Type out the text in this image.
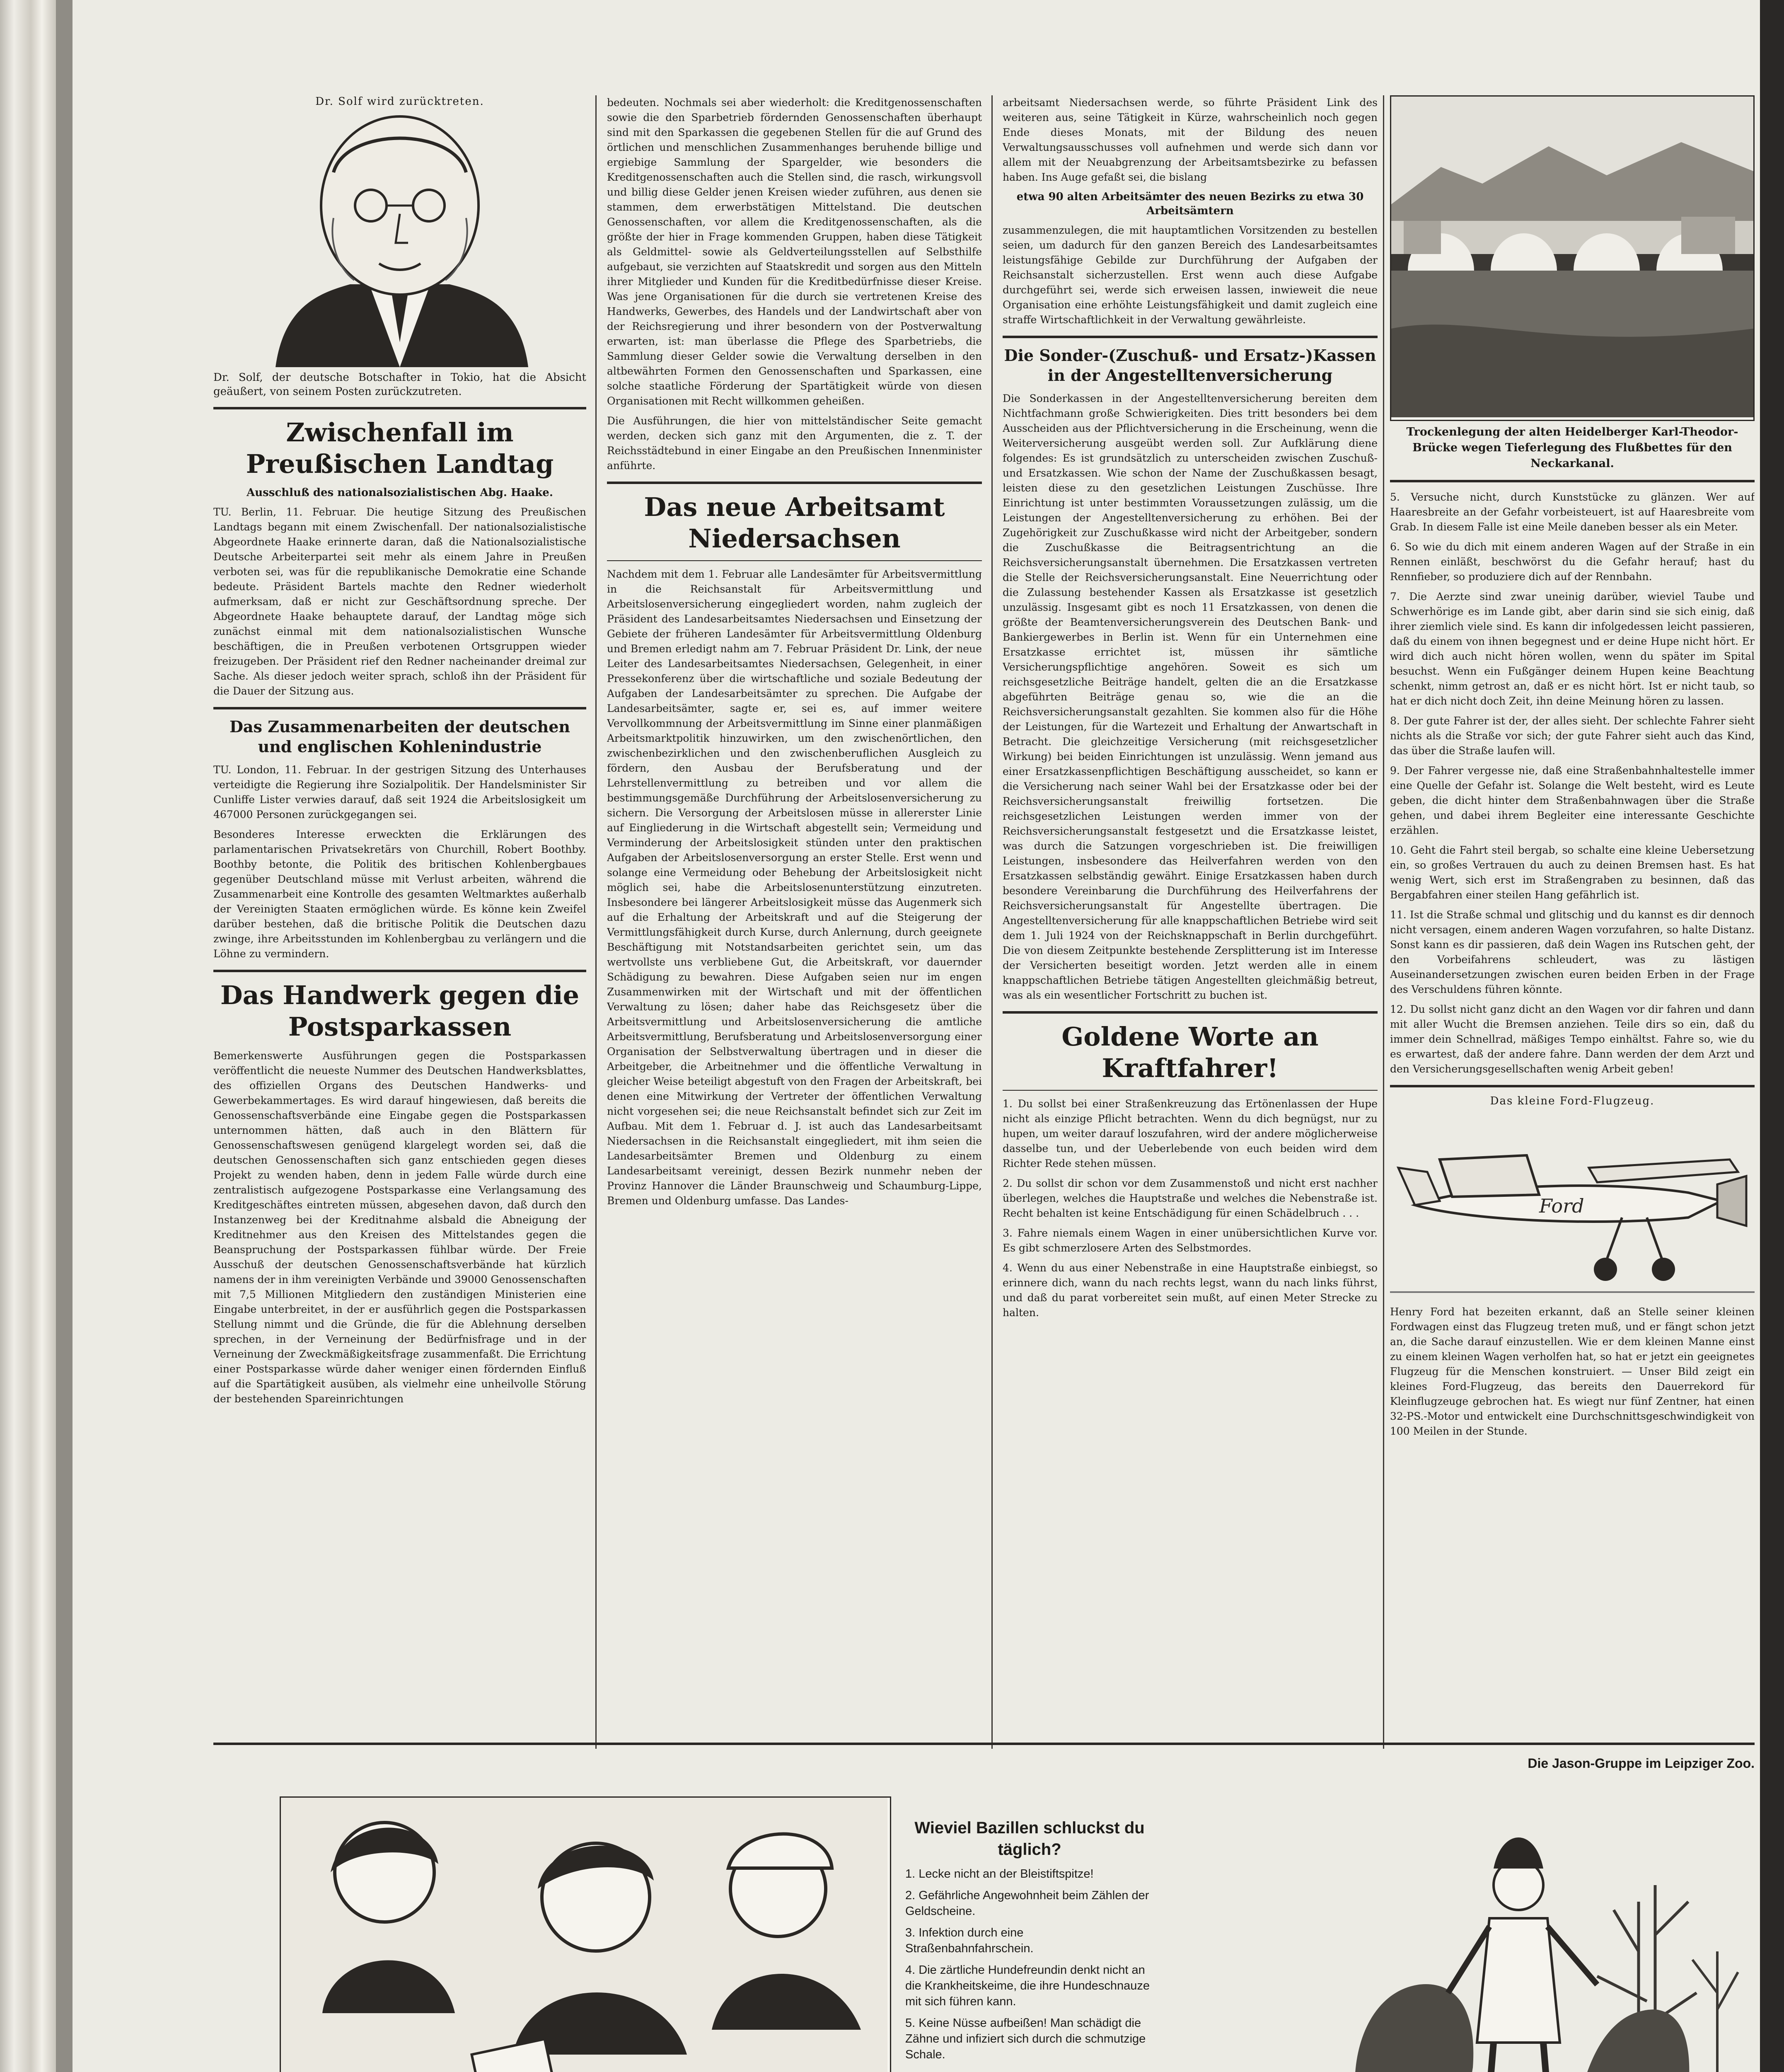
Dr. Solf wird zurücktreten.

Dr. Solf, der deutsche Botschafter in Tokio, hat die Absicht geäußert, von seinem Posten zurückzutreten.

Zwischenfall im Preußischen Landtag
Ausschluß des nationalsozialistischen Abg. Haake.

TU. Berlin, 11. Februar. Die heutige Sitzung des Preußischen Landtags begann mit einem Zwischenfall. Der nationalsozialistische Abgeordnete Haake erinnerte daran, daß die Nationalsozialistische Deutsche Arbeiterpartei seit mehr als einem Jahre in Preußen verboten sei, was für die republikanische Demokratie eine Schande bedeute. Präsident Bartels machte den Redner wiederholt aufmerksam, daß er nicht zur Geschäftsordnung spreche. Der Abgeordnete Haake behauptete darauf, der Landtag möge sich zunächst einmal mit dem nationalsozialistischen Wunsche beschäftigen, die in Preußen verbotenen Ortsgruppen wieder freizugeben. Der Präsident rief den Redner nacheinander dreimal zur Sache. Als dieser jedoch weiter sprach, schloß ihn der Präsident für die Dauer der Sitzung aus.

Das Zusammenarbeiten der deutschen und englischen Kohlenindustrie

TU. London, 11. Februar. In der gestrigen Sitzung des Unterhauses verteidigte die Regierung ihre Sozialpolitik. Der Handelsminister Sir Cunliffe Lister verwies darauf, daß seit 1924 die Arbeitslosigkeit um 467000 Personen zurückgegangen sei.

Besonderes Interesse erweckten die Erklärungen des parlamentarischen Privatsekretärs von Churchill, Robert Boothby. Boothby betonte, die Politik des britischen Kohlenbergbaues gegenüber Deutschland müsse mit Verlust arbeiten, während die Zusammenarbeit eine Kontrolle des gesamten Weltmarktes außerhalb der Vereinigten Staaten ermöglichen würde. Es könne kein Zweifel darüber bestehen, daß die britische Politik die Deutschen dazu zwinge, ihre Arbeitsstunden im Kohlenbergbau zu verlängern und die Löhne zu vermindern.

Das Handwerk gegen die Postsparkassen

Bemerkenswerte Ausführungen gegen die Postsparkassen veröffentlicht die neueste Nummer des Deutschen Handwerksblattes, des offiziellen Organs des Deutschen Handwerks- und Gewerbekammertages. Es wird darauf hingewiesen, daß bereits die Genossenschaftsverbände eine Eingabe gegen die Postsparkassen unternommen hätten, daß auch in den Blättern für Genossenschaftswesen genügend klargelegt worden sei, daß die deutschen Genossenschaften sich ganz entschieden gegen dieses Projekt zu wenden haben, denn in jedem Falle würde durch eine zentralistisch aufgezogene Postsparkasse eine Verlangsamung des Kreditgeschäftes eintreten müssen, abgesehen davon, daß durch den Instanzenweg bei der Kreditnahme alsbald die Abneigung der Kreditnehmer aus den Kreisen des Mittelstandes gegen die Beanspruchung der Postsparkassen fühlbar würde. Der Freie Ausschuß der deutschen Genossenschaftsverbände hat kürzlich namens der in ihm vereinigten Verbände und 39000 Genossenschaften mit 7,5 Millionen Mitgliedern den zuständigen Ministerien eine Eingabe unterbreitet, in der er ausführlich gegen die Postsparkassen Stellung nimmt und die Gründe, die für die Ablehnung derselben sprechen, in der Verneinung der Bedürfnisfrage und in der Verneinung der Zweckmäßigkeitsfrage zusammenfaßt. Die Errichtung einer Postsparkasse würde daher weniger einen fördernden Einfluß auf die Spartätigkeit ausüben, als vielmehr eine unheilvolle Störung der bestehenden Spareinrichtungen

bedeuten. Nochmals sei aber wiederholt: die Kreditgenossenschaften sowie die den Sparbetrieb fördernden Genossenschaften überhaupt sind mit den Sparkassen die gegebenen Stellen für die auf Grund des örtlichen und menschlichen Zusammenhanges beruhende billige und ergiebige Sammlung der Spargelder, wie besonders die Kreditgenossenschaften auch die Stellen sind, die rasch, wirkungsvoll und billig diese Gelder jenen Kreisen wieder zuführen, aus denen sie stammen, dem erwerbstätigen Mittelstand. Die deutschen Genossenschaften, vor allem die Kreditgenossenschaften, als die größte der hier in Frage kommenden Gruppen, haben diese Tätigkeit als Geldmittel- sowie als Geldverteilungsstellen auf Selbsthilfe aufgebaut, sie verzichten auf Staatskredit und sorgen aus den Mitteln ihrer Mitglieder und Kunden für die Kreditbedürfnisse dieser Kreise. Was jene Organisationen für die durch sie vertretenen Kreise des Handwerks, Gewerbes, des Handels und der Landwirtschaft aber von der Reichsregierung und ihrer besondern von der Postverwaltung erwarten, ist: man überlasse die Pflege des Sparbetriebs, die Sammlung dieser Gelder sowie die Verwaltung derselben in den altbewährten Formen den Genossenschaften und Sparkassen, eine solche staatliche Förderung der Spartätigkeit würde von diesen Organisationen mit Recht willkommen geheißen.

Die Ausführungen, die hier von mittelständischer Seite gemacht werden, decken sich ganz mit den Argumenten, die z. T. der Reichsstädtebund in einer Eingabe an den Preußischen Innenminister anführte.

Das neue Arbeitsamt Niedersachsen

Nachdem mit dem 1. Februar alle Landesämter für Arbeitsvermittlung in die Reichsanstalt für Arbeitsvermittlung und Arbeitslosenversicherung eingegliedert worden, nahm zugleich der Präsident des Landesarbeitsamtes Niedersachsen und Einsetzung der Gebiete der früheren Landesämter für Arbeitsvermittlung Oldenburg und Bremen erledigt nahm am 7. Februar Präsident Dr. Link, der neue Leiter des Landesarbeitsamtes Niedersachsen, Gelegenheit, in einer Pressekonferenz über die wirtschaftliche und soziale Bedeutung der Aufgaben der Landesarbeitsämter zu sprechen. Die Aufgabe der Landesarbeitsämter, sagte er, sei es, auf immer weitere Vervollkommnung der Arbeitsvermittlung im Sinne einer planmäßigen Arbeitsmarktpolitik hinzuwirken, um den zwischenörtlichen, den zwischenbezirklichen und den zwischenberuflichen Ausgleich zu fördern, den Ausbau der Berufsberatung und der Lehrstellenvermittlung zu betreiben und vor allem die bestimmungsgemäße Durchführung der Arbeitslosenversicherung zu sichern. Die Versorgung der Arbeitslosen müsse in allererster Linie auf Eingliederung in die Wirtschaft abgestellt sein; Vermeidung und Verminderung der Arbeitslosigkeit stünden unter den praktischen Aufgaben der Arbeitslosenversorgung an erster Stelle. Erst wenn und solange eine Vermeidung oder Behebung der Arbeitslosigkeit nicht möglich sei, habe die Arbeitslosenunterstützung einzutreten. Insbesondere bei längerer Arbeitslosigkeit müsse das Augenmerk sich auf die Erhaltung der Arbeitskraft und auf die Steigerung der Vermittlungsfähigkeit durch Kurse, durch Anlernung, durch geeignete Beschäftigung mit Notstandsarbeiten gerichtet sein, um das wertvollste uns verbliebene Gut, die Arbeitskraft, vor dauernder Schädigung zu bewahren. Diese Aufgaben seien nur im engen Zusammenwirken mit der Wirtschaft und mit der öffentlichen Verwaltung zu lösen; daher habe das Reichsgesetz über die Arbeitsvermittlung und Arbeitslosenversicherung die amtliche Arbeitsvermittlung, Berufsberatung und Arbeitslosenversorgung einer Organisation der Selbstverwaltung übertragen und in dieser die Arbeitgeber, die Arbeitnehmer und die öffentliche Verwaltung in gleicher Weise beteiligt abgestuft von den Fragen der Arbeitskraft, bei denen eine Mitwirkung der Vertreter der öffentlichen Verwaltung nicht vorgesehen sei; die neue Reichsanstalt befindet sich zur Zeit im Aufbau. Mit dem 1. Februar d. J. ist auch das Landesarbeitsamt Niedersachsen in die Reichsanstalt eingegliedert, mit ihm seien die Landesarbeitsämter Bremen und Oldenburg zu einem Landesarbeitsamt vereinigt, dessen Bezirk nunmehr neben der Provinz Hannover die Länder Braunschweig und Schaumburg-Lippe, Bremen und Oldenburg umfasse. Das Landes-

arbeitsamt Niedersachsen werde, so führte Präsident Link des weiteren aus, seine Tätigkeit in Kürze, wahrscheinlich noch gegen Ende dieses Monats, mit der Bildung des neuen Verwaltungsausschusses voll aufnehmen und werde sich dann vor allem mit der Neuabgrenzung der Arbeitsamtsbezirke zu befassen haben. Ins Auge gefaßt sei, die bislang

etwa 90 alten Arbeitsämter des neuen Bezirks zu etwa 30 Arbeitsämtern

zusammenzulegen, die mit hauptamtlichen Vorsitzenden zu bestellen seien, um dadurch für den ganzen Bereich des Landesarbeitsamtes leistungsfähige Gebilde zur Durchführung der Aufgaben der Reichsanstalt sicherzustellen. Erst wenn auch diese Aufgabe durchgeführt sei, werde sich erweisen lassen, inwieweit die neue Organisation eine erhöhte Leistungsfähigkeit und damit zugleich eine straffe Wirtschaftlichkeit in der Verwaltung gewährleiste.

Die Sonder-(Zuschuß- und Ersatz-)Kassen in der Angestelltenversicherung

Die Sonderkassen in der Angestelltenversicherung bereiten dem Nichtfachmann große Schwierigkeiten. Dies tritt besonders bei dem Ausscheiden aus der Pflichtversicherung in die Erscheinung, wenn die Weiterversicherung ausgeübt werden soll. Zur Aufklärung diene folgendes: Es ist grundsätzlich zu unterscheiden zwischen Zuschuß- und Ersatzkassen. Wie schon der Name der Zuschußkassen besagt, leisten diese zu den gesetzlichen Leistungen Zuschüsse. Ihre Einrichtung ist unter bestimmten Voraussetzungen zulässig, um die Leistungen der Angestelltenversicherung zu erhöhen. Bei der Zugehörigkeit zur Zuschußkasse wird nicht der Arbeitgeber, sondern die Zuschußkasse die Beitragsentrichtung an die Reichsversicherungsanstalt übernehmen. Die Ersatzkassen vertreten die Stelle der Reichsversicherungsanstalt. Eine Neuerrichtung oder die Zulassung bestehender Kassen als Ersatzkasse ist gesetzlich unzulässig. Insgesamt gibt es noch 11 Ersatzkassen, von denen die größte der Beamtenversicherungsverein des Deutschen Bank- und Bankiergewerbes in Berlin ist. Wenn für ein Unternehmen eine Ersatzkasse errichtet ist, müssen ihr sämtliche Versicherungspflichtige angehören. Soweit es sich um reichsgesetzliche Beiträge handelt, gelten die an die Ersatzkasse abgeführten Beiträge genau so, wie die an die Reichsversicherungsanstalt gezahlten. Sie kommen also für die Höhe der Leistungen, für die Wartezeit und Erhaltung der Anwartschaft in Betracht. Die gleichzeitige Versicherung (mit reichsgesetzlicher Wirkung) bei beiden Einrichtungen ist unzulässig. Wenn jemand aus einer Ersatzkassenpflichtigen Beschäftigung ausscheidet, so kann er die Versicherung nach seiner Wahl bei der Ersatzkasse oder bei der Reichsversicherungsanstalt freiwillig fortsetzen. Die reichsgesetzlichen Leistungen werden immer von der Reichsversicherungsanstalt festgesetzt und die Ersatzkasse leistet, was durch die Satzungen vorgeschrieben ist. Die freiwilligen Leistungen, insbesondere das Heilverfahren werden von den Ersatzkassen selbständig gewährt. Einige Ersatzkassen haben durch besondere Vereinbarung die Durchführung des Heilverfahrens der Reichsversicherungsanstalt für Angestellte übertragen. Die Angestelltenversicherung für alle knappschaftlichen Betriebe wird seit dem 1. Juli 1924 von der Reichsknappschaft in Berlin durchgeführt. Die von diesem Zeitpunkte bestehende Zersplitterung ist im Interesse der Versicherten beseitigt worden. Jetzt werden alle in einem knappschaftlichen Betriebe tätigen Angestellten gleichmäßig betreut, was als ein wesentlicher Fortschritt zu buchen ist.

Goldene Worte an Kraftfahrer!

1. Du sollst bei einer Straßenkreuzung das Ertönenlassen der Hupe nicht als einzige Pflicht betrachten. Wenn du dich begnügst, nur zu hupen, um weiter darauf loszufahren, wird der andere möglicherweise dasselbe tun, und der Ueberlebende von euch beiden wird dem Richter Rede stehen müssen.

2. Du sollst dir schon vor dem Zusammenstoß und nicht erst nachher überlegen, welches die Hauptstraße und welches die Nebenstraße ist. Recht behalten ist keine Entschädigung für einen Schädelbruch . . .

3. Fahre niemals einem Wagen in einer unübersichtlichen Kurve vor. Es gibt schmerzlosere Arten des Selbstmordes.

4. Wenn du aus einer Nebenstraße in eine Hauptstraße einbiegst, so erinnere dich, wann du nach rechts legst, wann du nach links führst, und daß du parat vorbereitet sein mußt, auf einen Meter Strecke zu halten.

Trockenlegung der alten Heidelberger Karl-Theodor-Brücke wegen Tieferlegung des Flußbettes für den Neckarkanal.

5. Versuche nicht, durch Kunststücke zu glänzen. Wer auf Haaresbreite an der Gefahr vorbeisteuert, ist auf Haaresbreite vom Grab. In diesem Falle ist eine Meile daneben besser als ein Meter.

6. So wie du dich mit einem anderen Wagen auf der Straße in ein Rennen einläßt, beschwörst du die Gefahr herauf; hast du Rennfieber, so produziere dich auf der Rennbahn.

7. Die Aerzte sind zwar uneinig darüber, wieviel Taube und Schwerhörige es im Lande gibt, aber darin sind sie sich einig, daß ihrer ziemlich viele sind. Es kann dir infolgedessen leicht passieren, daß du einem von ihnen begegnest und er deine Hupe nicht hört. Er wird dich auch nicht hören wollen, wenn du später im Spital besuchst. Wenn ein Fußgänger deinem Hupen keine Beachtung schenkt, nimm getrost an, daß er es nicht hört. Ist er nicht taub, so hat er dich nicht doch Zeit, ihn deine Meinung hören zu lassen.

8. Der gute Fahrer ist der, der alles sieht. Der schlechte Fahrer sieht nichts als die Straße vor sich; der gute Fahrer sieht auch das Kind, das über die Straße laufen will.

9. Der Fahrer vergesse nie, daß eine Straßenbahnhaltestelle immer eine Quelle der Gefahr ist. Solange die Welt besteht, wird es Leute geben, die dicht hinter dem Straßenbahnwagen über die Straße gehen, und dabei ihrem Begleiter eine interessante Geschichte erzählen.

10. Geht die Fahrt steil bergab, so schalte eine kleine Uebersetzung ein, so großes Vertrauen du auch zu deinen Bremsen hast. Es hat wenig Wert, sich erst im Straßengraben zu besinnen, daß das Bergabfahren einer steilen Hang gefährlich ist.

11. Ist die Straße schmal und glitschig und du kannst es dir dennoch nicht versagen, einem anderen Wagen vorzufahren, so halte Distanz. Sonst kann es dir passieren, daß dein Wagen ins Rutschen geht, der den Vorbeifahrens schleudert, was zu lästigen Auseinandersetzungen zwischen euren beiden Erben in der Frage des Verschuldens führen könnte.

12. Du sollst nicht ganz dicht an den Wagen vor dir fahren und dann mit aller Wucht die Bremsen anziehen. Teile dirs so ein, daß du immer dein Schnellrad, mäßiges Tempo einhältst. Fahre so, wie du es erwartest, daß der andere fahre. Dann werden der dem Arzt und den Versicherungsgesellschaften wenig Arbeit geben!

Das kleine Ford-Flugzeug.
Ford

Henry Ford hat bezeiten erkannt, daß an Stelle seiner kleinen Fordwagen einst das Flugzeug treten muß, und er fängt schon jetzt an, die Sache darauf einzustellen. Wie er dem kleinen Manne einst zu einem kleinen Wagen verholfen hat, so hat er jetzt ein geeignetes Flugzeug für die Menschen konstruiert. — Unser Bild zeigt ein kleines Ford-Flugzeug, das bereits den Dauerrekord für Kleinflugzeuge gebrochen hat. Es wiegt nur fünf Zentner, hat einen 32-PS.-Motor und entwickelt eine Durchschnittsgeschwindigkeit von 100 Meilen in der Stunde.

Wieviel Bazillen schluckst du täglich?

1. Lecke nicht an der Bleistiftspitze!

2. Gefährliche Angewohnheit beim Zählen der Geldscheine.

3. Infektion durch eine Straßenbahnfahrschein.

4. Die zärtliche Hundefreundin denkt nicht an die Krankheitskeime, die ihre Hundeschnauze mit sich führen kann.

5. Keine Nüsse aufbeißen! Man schädigt die Zähne und infiziert sich durch die schmutzige Schale.

Die Jason-Gruppe im Leipziger Zoo.
